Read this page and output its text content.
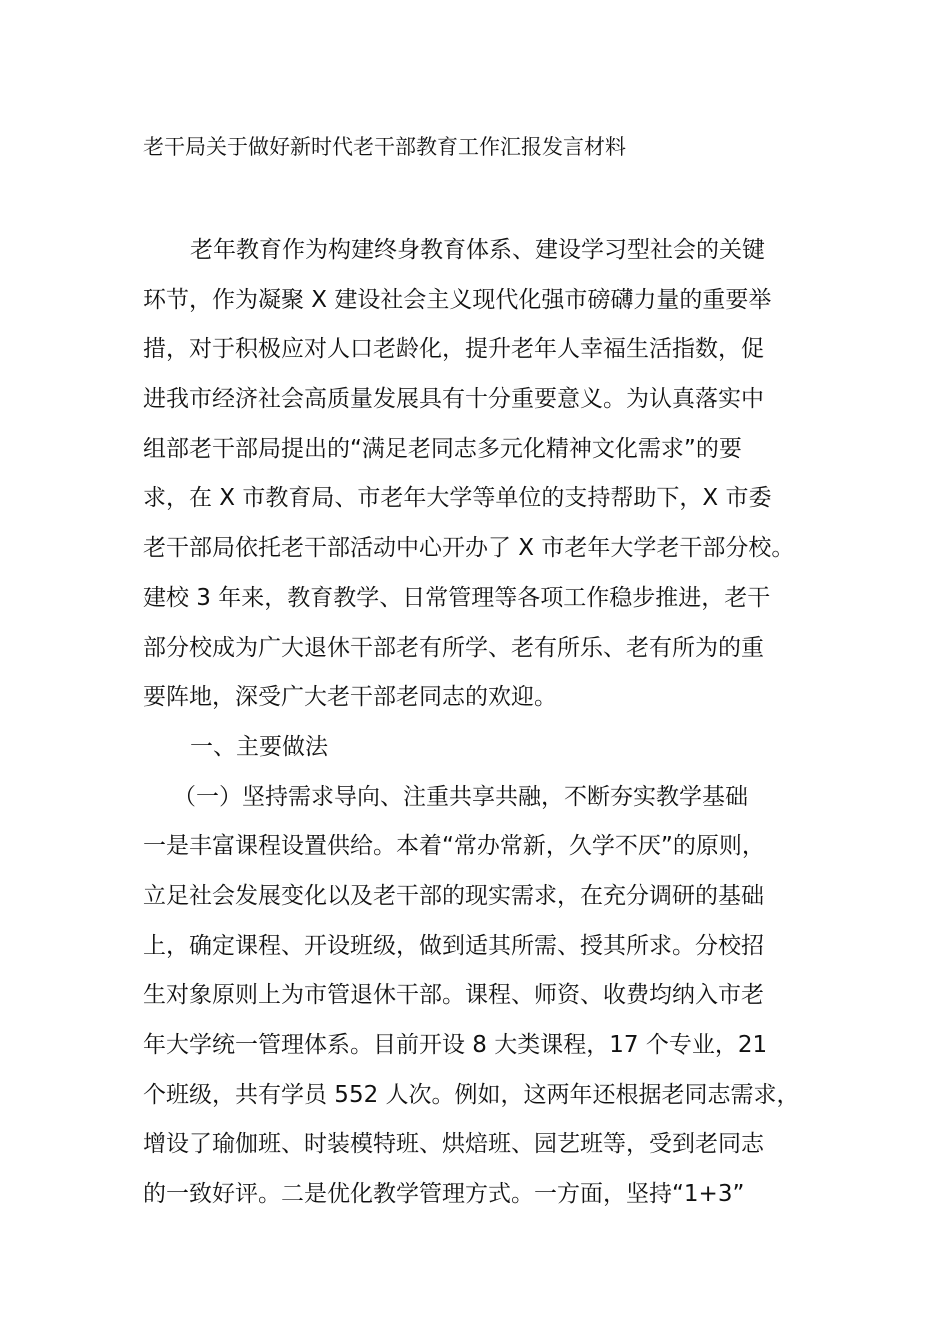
老干局关于做好新时代老干部教育工作汇报发言材料
老年教育作为构建终身教育体系、建设学习型社会的关键
环节，作为凝聚 X 建设社会主义现代化强市磅礴力量的重要举
措，对于积极应对人口老龄化，提升老年人幸福生活指数，促
进我市经济社会高质量发展具有十分重要意义。为认真落实中
组部老干部局提出的“满足老同志多元化精神文化需求”的要
求，在 X 市教育局、市老年大学等单位的支持帮助下，X 市委
老干部局依托老干部活动中心开办了 X 市老年大学老干部分校。
建校 3 年来，教育教学、日常管理等各项工作稳步推进，老干
部分校成为广大退休干部老有所学、老有所乐、老有所为的重
要阵地，深受广大老干部老同志的欢迎。
一、主要做法
（一）坚持需求导向、注重共享共融，不断夯实教学基础
一是丰富课程设置供给。本着“常办常新，久学不厌”的原则，
立足社会发展变化以及老干部的现实需求，在充分调研的基础
上，确定课程、开设班级，做到适其所需、授其所求。分校招
生对象原则上为市管退休干部。课程、师资、收费均纳入市老
年大学统一管理体系。目前开设 8 大类课程，17 个专业，21
个班级，共有学员 552 人次。例如，这两年还根据老同志需求，
增设了瑜伽班、时装模特班、烘焙班、园艺班等，受到老同志
的一致好评。二是优化教学管理方式。一方面，坚持“1+3”
